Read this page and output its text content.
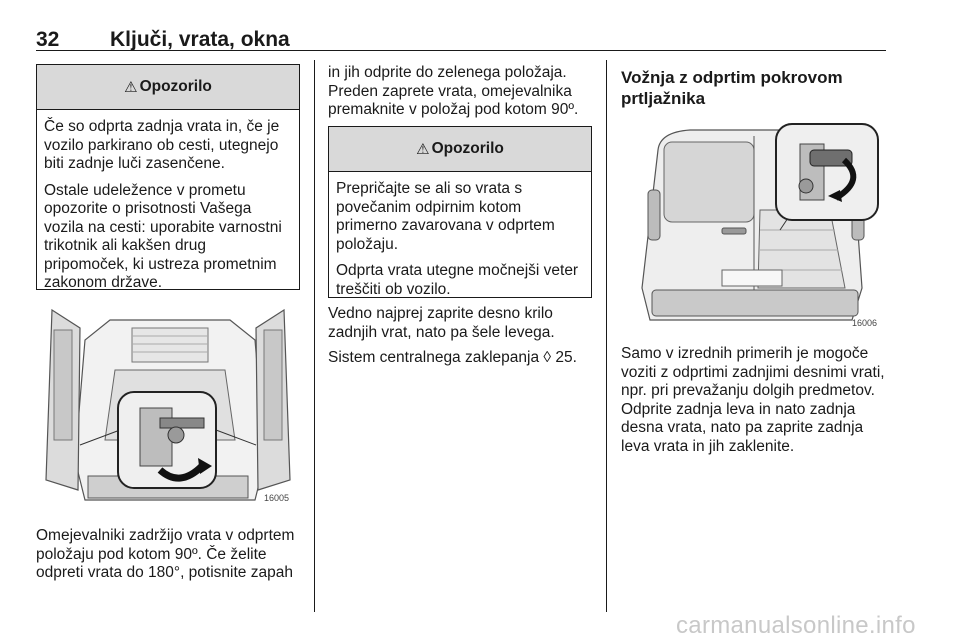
32 Ključi, vrata, okna
⚠ Opozorilo

Če so odprta zadnja vrata in, če je vozilo parkirano ob cesti, utegnejo biti zadnje luči zasenčene.

Ostale udeležence v prometu opozorite o prisotnosti Vašega vozila na cesti: uporabite varnostni trikotnik ali kakšen drug pripomoček, ki ustreza prometnim zakonom države.

16005

Omejevalniki zadržijo vrata v odprtem položaju pod kotom 90º. Če želite odpreti vrata do 180°, potisnite zapah

in jih odprite do zelenega položaja. Preden zaprete vrata, omejevalnika premaknite v položaj pod kotom 90º.

⚠ Opozorilo

Prepričajte se ali so vrata s povečanim odpirnim kotom primerno zavarovana v odprtem položaju.

Odprta vrata utegne močnejši veter treščiti ob vozilo.

Vedno najprej zaprite desno krilo zadnjih vrat, nato pa šele levega.

Sistem centralnega zaklepanja ◊ 25.

Vožnja z odprtim pokrovom prtljažnika

16006

Samo v izrednih primerih je mogoče voziti z odprtimi zadnjimi desnimi vrati, npr. pri prevažanju dolgih predmetov. Odprite zadnja leva in nato zadnja desna vrata, nato pa zaprite zadnja leva vrata in jih zaklenite.

carmanualsonline.info
